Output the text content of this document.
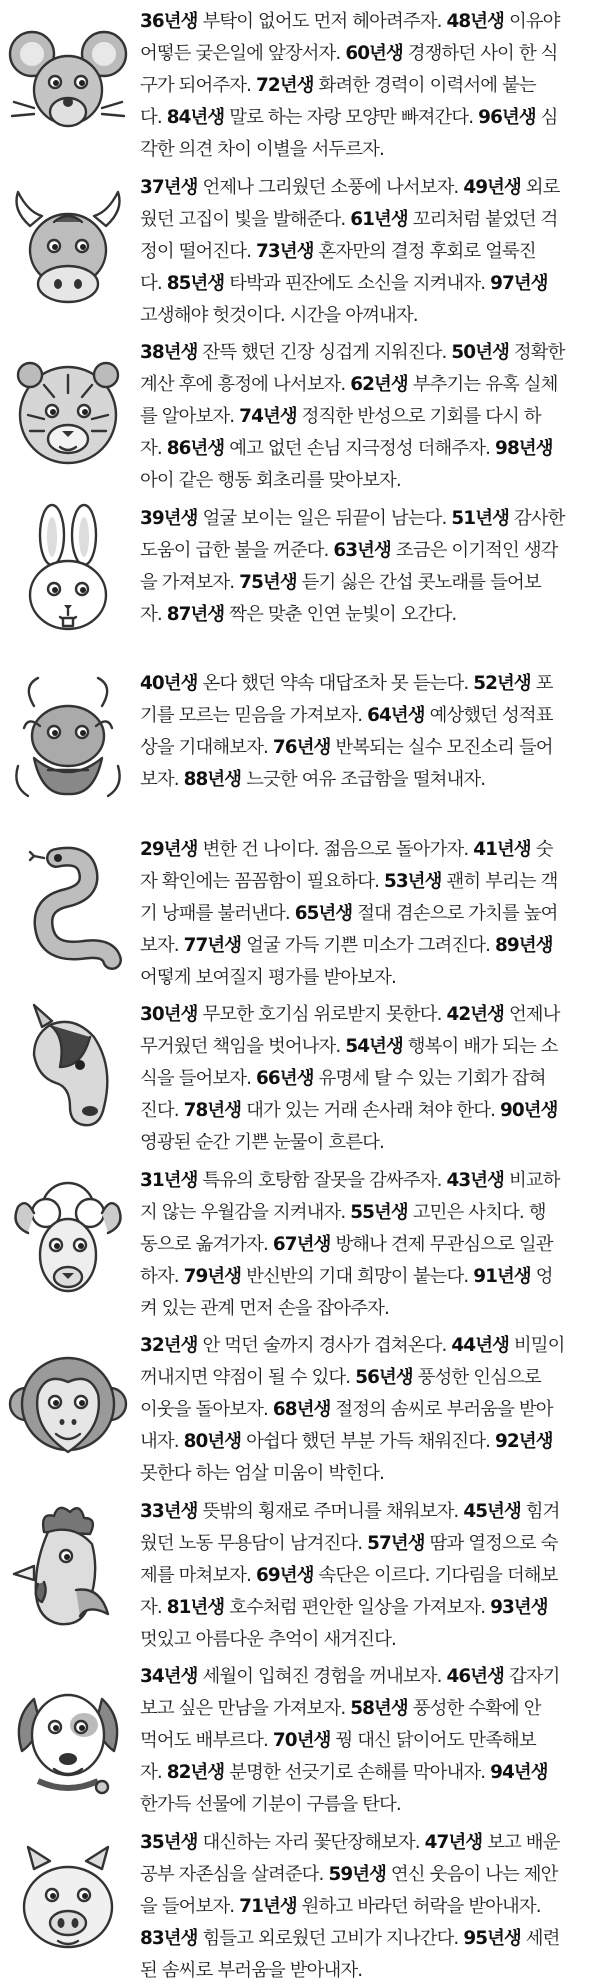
36년생 부탁이 없어도 먼저 헤아려주자. 48년생 이유야
어떻든 궂은일에 앞장서자. 60년생 경쟁하던 사이 한 식
구가 되어주자. 72년생 화려한 경력이 이력서에 붙는
다. 84년생 말로 하는 자랑 모양만 빠져간다. 96년생 심
각한 의견 차이 이별을 서두르자.
37년생 언제나 그리웠던 소풍에 나서보자. 49년생 외로
웠던 고집이 빛을 발해준다. 61년생 꼬리처럼 붙었던 걱
정이 떨어진다. 73년생 혼자만의 결정 후회로 얼룩진
다. 85년생 타박과 핀잔에도 소신을 지켜내자. 97년생
고생해야 헛것이다. 시간을 아껴내자.
38년생 잔뜩 했던 긴장 싱겁게 지워진다. 50년생 정확한
계산 후에 흥정에 나서보자. 62년생 부추기는 유혹 실체
를 알아보자. 74년생 정직한 반성으로 기회를 다시 하
자. 86년생 예고 없던 손님 지극정성 더해주자. 98년생
아이 같은 행동 회초리를 맞아보자.
39년생 얼굴 보이는 일은 뒤끝이 남는다. 51년생 감사한
도움이 급한 불을 꺼준다. 63년생 조금은 이기적인 생각
을 가져보자. 75년생 듣기 싫은 간섭 콧노래를 들어보
자. 87년생 짝은 맞춘 인연 눈빛이 오간다.
40년생 온다 했던 약속 대답조차 못 듣는다. 52년생 포
기를 모르는 믿음을 가져보자. 64년생 예상했던 성적표
상을 기대해보자. 76년생 반복되는 실수 모진소리 들어
보자. 88년생 느긋한 여유 조급함을 떨쳐내자.
29년생 변한 건 나이다. 젊음으로 돌아가자. 41년생 숫
자 확인에는 꼼꼼함이 필요하다. 53년생 괜히 부리는 객
기 낭패를 불러낸다. 65년생 절대 겸손으로 가치를 높여
보자. 77년생 얼굴 가득 기쁜 미소가 그려진다. 89년생
어떻게 보여질지 평가를 받아보자.
30년생 무모한 호기심 위로받지 못한다. 42년생 언제나
무거웠던 책임을 벗어나자. 54년생 행복이 배가 되는 소
식을 들어보자. 66년생 유명세 탈 수 있는 기회가 잡혀
진다. 78년생 대가 있는 거래 손사래 쳐야 한다. 90년생
영광된 순간 기쁜 눈물이 흐른다.
31년생 특유의 호탕함 잘못을 감싸주자. 43년생 비교하
지 않는 우월감을 지켜내자. 55년생 고민은 사치다. 행
동으로 옮겨가자. 67년생 방해나 견제 무관심으로 일관
하자. 79년생 반신반의 기대 희망이 붙는다. 91년생 엉
켜 있는 관계 먼저 손을 잡아주자.
32년생 안 먹던 술까지 경사가 겹쳐온다. 44년생 비밀이
꺼내지면 약점이 될 수 있다. 56년생 풍성한 인심으로
이웃을 돌아보자. 68년생 절정의 솜씨로 부러움을 받아
내자. 80년생 아쉽다 했던 부분 가득 채워진다. 92년생
못한다 하는 엄살 미움이 박힌다.
33년생 뜻밖의 횡재로 주머니를 채워보자. 45년생 힘겨
웠던 노동 무용담이 남겨진다. 57년생 땀과 열정으로 숙
제를 마쳐보자. 69년생 속단은 이르다. 기다림을 더해보
자. 81년생 호수처럼 편안한 일상을 가져보자. 93년생
멋있고 아름다운 추억이 새겨진다.
34년생 세월이 입혀진 경험을 꺼내보자. 46년생 갑자기
보고 싶은 만남을 가져보자. 58년생 풍성한 수확에 안
먹어도 배부르다. 70년생 꿩 대신 닭이어도 만족해보
자. 82년생 분명한 선긋기로 손해를 막아내자. 94년생
한가득 선물에 기분이 구름을 탄다.
35년생 대신하는 자리 꽃단장해보자. 47년생 보고 배운
공부 자존심을 살려준다. 59년생 연신 웃음이 나는 제안
을 들어보자. 71년생 원하고 바라던 허락을 받아내자.
83년생 힘들고 외로웠던 고비가 지나간다. 95년생 세련
된 솜씨로 부러움을 받아내자.
